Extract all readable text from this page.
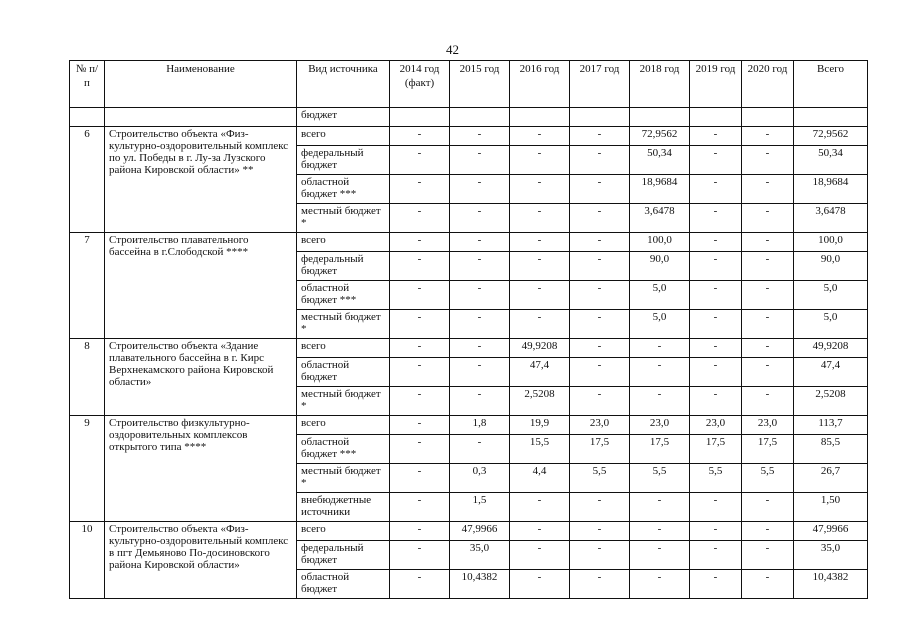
42
№ п/п	Наименование	Вид источника	2014 год (факт)	2015 год	2016 год	2017 год	2018 год	2019 год	2020 год	Всего
		бюджет								
6	Строительство объекта «Физ-культурно-оздоровительный комплекс по ул. Победы в г. Лу-за Лузского района Кировской области» **	всего	-	-	-	-	72,9562	-	-	72,9562
		федеральный бюджет	-	-	-	-	50,34	-	-	50,34
		областной бюджет ***	-	-	-	-	18,9684	-	-	18,9684
		местный бюджет *	-	-	-	-	3,6478	-	-	3,6478
7	Строительство плавательного бассейна в г.Слободской ****	всего	-	-	-	-	100,0	-	-	100,0
		федеральный бюджет	-	-	-	-	90,0	-	-	90,0
		областной бюджет ***	-	-	-	-	5,0	-	-	5,0
		местный бюджет *	-	-	-	-	5,0	-	-	5,0
8	Строительство объекта «Здание плавательного бассейна в г. Кирс Верхнекамского района Кировской области»	всего	-	-	49,9208	-	-	-	-	49,9208
		областной бюджет	-	-	47,4	-	-	-	-	47,4
		местный бюджет *	-	-	2,5208	-	-	-	-	2,5208
9	Строительство физкультурно-оздоровительных комплексов открытого типа ****	всего	-	1,8	19,9	23,0	23,0	23,0	23,0	113,7
		областной бюджет ***	-	-	15,5	17,5	17,5	17,5	17,5	85,5
		местный бюджет *	-	0,3	4,4	5,5	5,5	5,5	5,5	26,7
		внебюджетные источники	-	1,5	-	-	-	-	-	1,50
10	Строительство объекта «Физ-культурно-оздоровительный комплекс в пгт Демьяново По-досиновского района Кировской области»	всего	-	47,9966	-	-	-	-	-	47,9966
		федеральный бюджет	-	35,0	-	-	-	-	-	35,0
		областной бюджет	-	10,4382	-	-	-	-	-	10,4382
